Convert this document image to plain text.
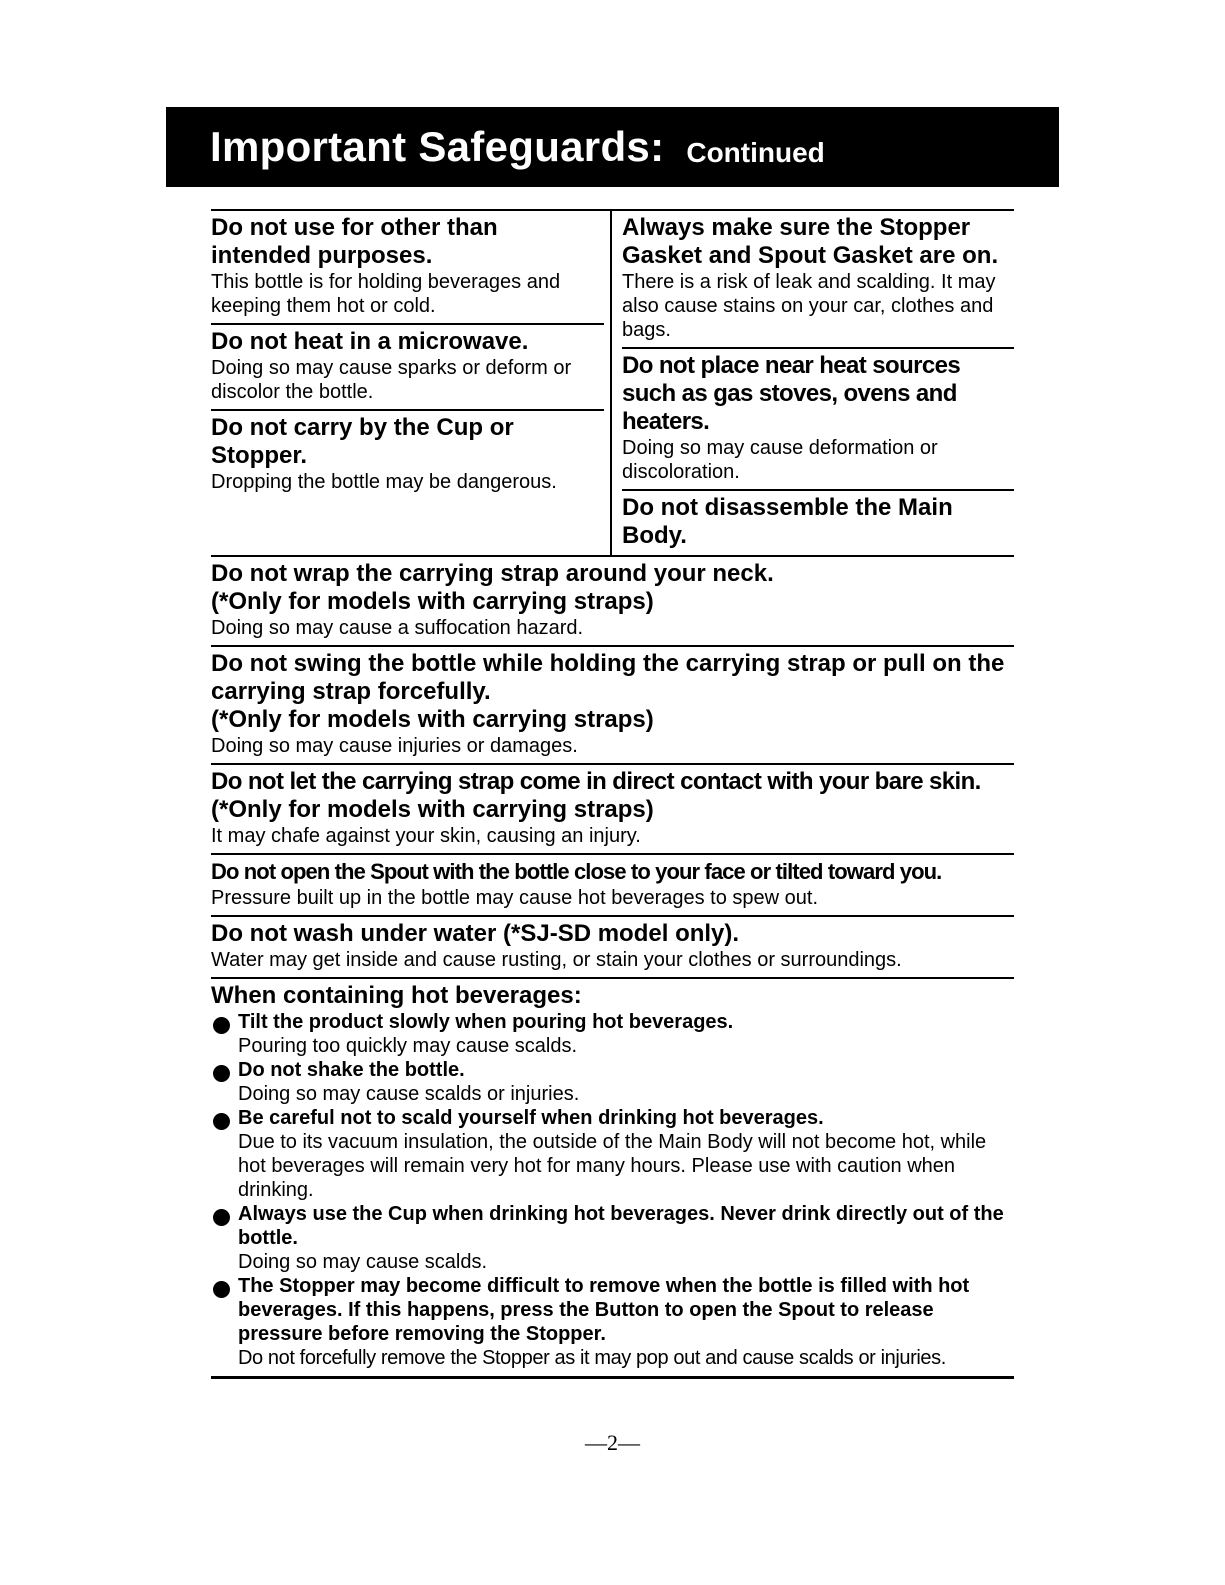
Important Safeguards: Continued
Do not use for other than intended purposes.
This bottle is for holding beverages and keeping them hot or cold.
Do not heat in a microwave.
Doing so may cause sparks or deform or discolor the bottle.
Do not carry by the Cup or Stopper.
Dropping the bottle may be dangerous.
Always make sure the Stopper Gasket and Spout Gasket are on.
There is a risk of leak and scalding. It may also cause stains on your car, clothes and bags.
Do not place near heat sources such as gas stoves, ovens and heaters.
Doing so may cause deformation or discoloration.
Do not disassemble the Main Body.
Do not wrap the carrying strap around your neck.
(*Only for models with carrying straps)
Doing so may cause a suffocation hazard.
Do not swing the bottle while holding the carrying strap or pull on the carrying strap forcefully.
(*Only for models with carrying straps)
Doing so may cause injuries or damages.
Do not let the carrying strap come in direct contact with your bare skin.
(*Only for models with carrying straps)
It may chafe against your skin, causing an injury.
Do not open the Spout with the bottle close to your face or tilted toward you.
Pressure built up in the bottle may cause hot beverages to spew out.
Do not wash under water (*SJ-SD model only).
Water may get inside and cause rusting, or stain your clothes or surroundings.
When containing hot beverages:
Tilt the product slowly when pouring hot beverages.
Pouring too quickly may cause scalds.
Do not shake the bottle.
Doing so may cause scalds or injuries.
Be careful not to scald yourself when drinking hot beverages.
Due to its vacuum insulation, the outside of the Main Body will not become hot, while hot beverages will remain very hot for many hours. Please use with caution when drinking.
Always use the Cup when drinking hot beverages. Never drink directly out of the bottle.
Doing so may cause scalds.
The Stopper may become difficult to remove when the bottle is filled with hot beverages. If this happens, press the Button to open the Spout to release pressure before removing the Stopper.
Do not forcefully remove the Stopper as it may pop out and cause scalds or injuries.
—2—
